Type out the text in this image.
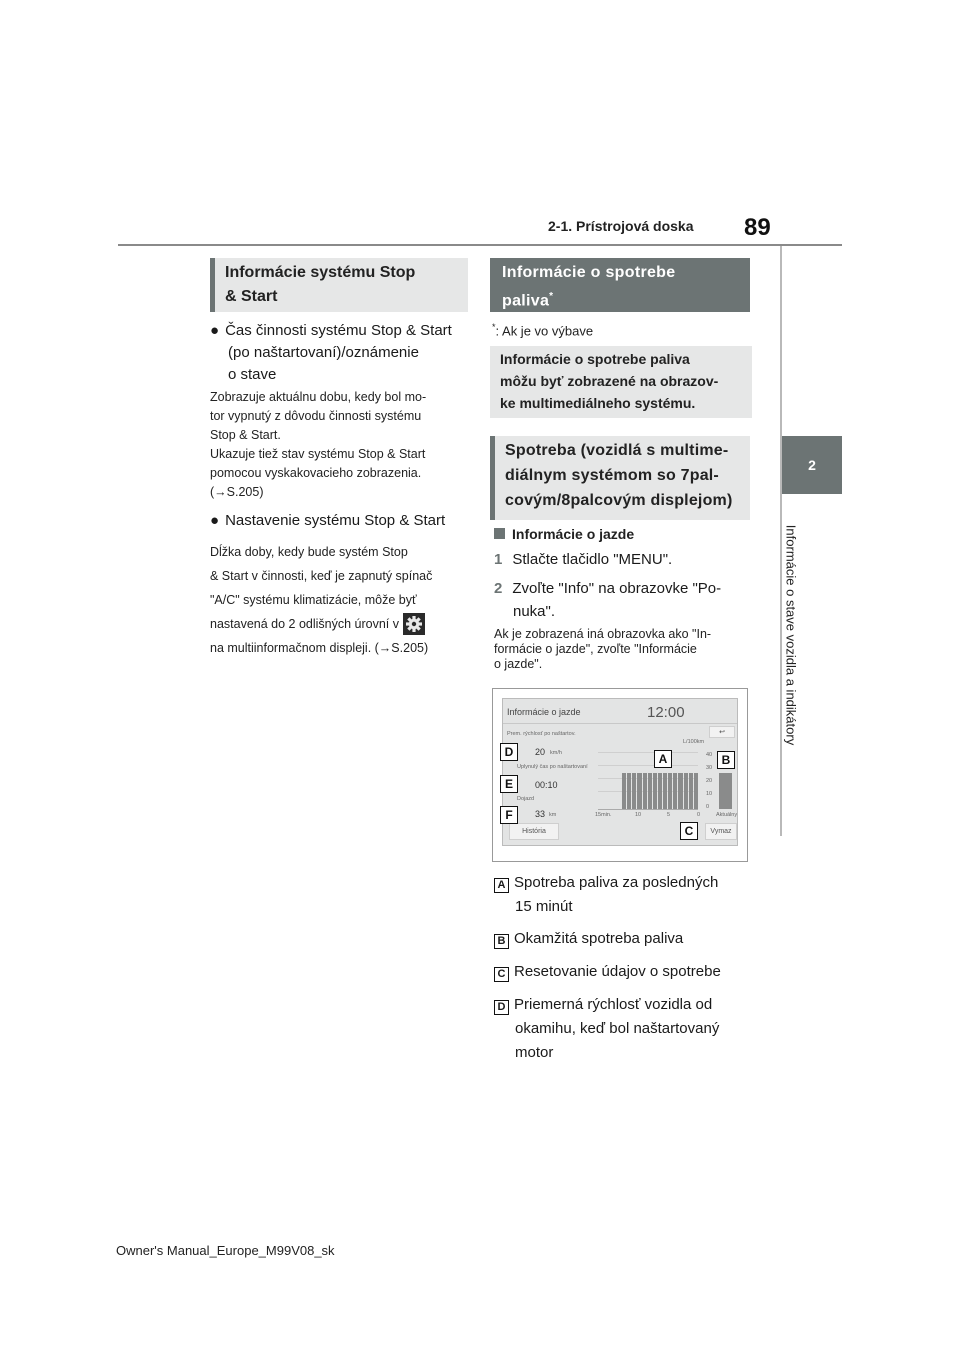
2-1. Prístrojová doska 89
2
Informácie o stave vozidla a indikátory
Informácie systému Stop
& Start
● Čas činnosti systému Stop & Start
(po naštartovaní)/oznámenie
o stave
Zobrazuje aktuálnu dobu, kedy bol mo-
tor vypnutý z dôvodu činnosti systému
Stop & Start.
Ukazuje tiež stav systému Stop & Start
pomocou vyskakovacieho zobrazenia.
(→S.205)
● Nastavenie systému Stop & Start
Dĺžka doby, kedy bude systém Stop
& Start v činnosti, keď je zapnutý spínač
"A/C" systému klimatizácie, môže byť
nastavená do 2 odlišných úrovní v
na multiinformačnom displeji. (→S.205)
Informácie o spotrebe
paliva*
*: Ak je vo výbave
Informácie o spotrebe paliva
môžu byť zobrazené na obrazov-
ke multimediálneho systému.
Spotreba (vozidlá s multime-
diálnym systémom so 7pal-
covým/8palcovým displejom)
Informácie o jazde
1 Stlačte tlačidlo "MENU".
2 Zvoľte "Info" na obrazovke "Po-
nuka".
Ak je zobrazená iná obrazovka ako "In-
formácie o jazde", zvoľte "Informácie
o jazde".
Informácie o jazde	12:00
Prem. rýchlosť po naštartov.
20 km/h
Uplynulý čas po naštartovaní
00:10
Dojazd
33 km
L/100km
↩
40
30
20
10
0
15min.	10	5	0	Aktuálny
História	Vymaz
D
E
F
A	B
C
A Spotreba paliva za posledných
15 minút
B Okamžitá spotreba paliva
C Resetovanie údajov o spotrebe
D Priemerná rýchlosť vozidla od
okamihu, keď bol naštartovaný
motor
Owner's Manual_Europe_M99V08_sk
